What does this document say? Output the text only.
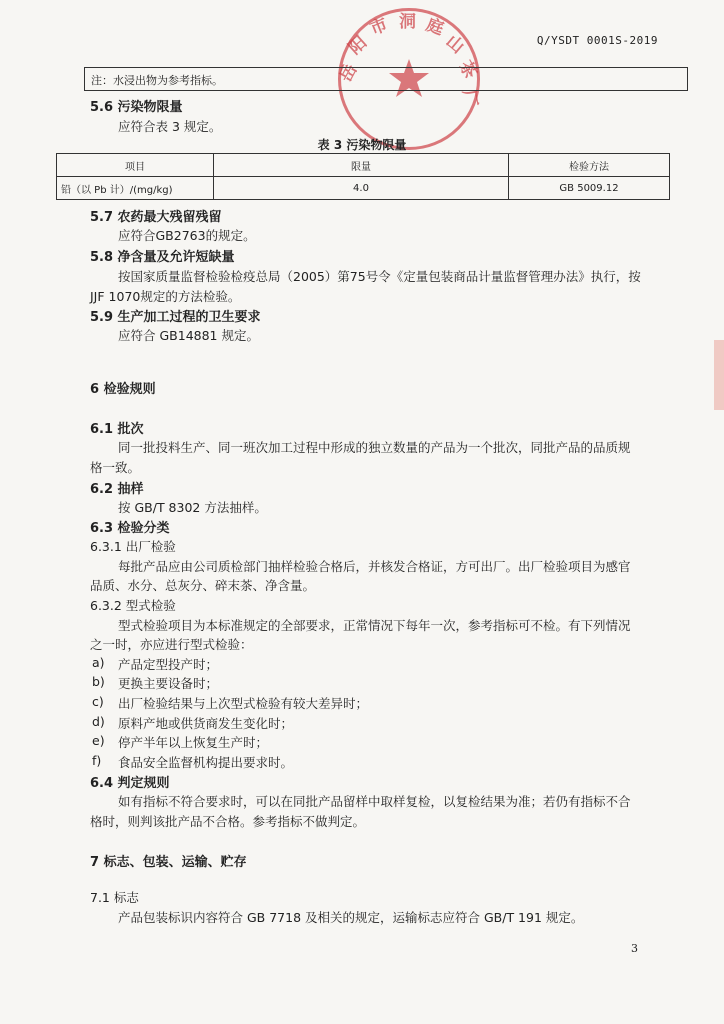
Q/YSDT 0001S-2019
岳
阳
市 洞 庭
山
茶
厂
注：水浸出物为参考指标。
5.6 污染物限量
应符合表 3 规定。
表 3 污染物限量
项目	限量	检验方法
铅（以 Pb 计）/(mg/kg)	4.0	GB 5009.12
5.7 农药最大残留残留
应符合GB2763的规定。
5.8 净含量及允许短缺量
按国家质量监督检验检疫总局（2005）第75号令《定量包装商品计量监督管理办法》执行，按
JJF 1070规定的方法检验。
5.9 生产加工过程的卫生要求
应符合 GB14881 规定。
6 检验规则
6.1 批次
同一批投料生产、同一班次加工过程中形成的独立数量的产品为一个批次，同批产品的品质规
格一致。
6.2 抽样
按 GB/T 8302 方法抽样。
6.3 检验分类
6.3.1 出厂检验
每批产品应由公司质检部门抽样检验合格后，并核发合格证，方可出厂。出厂检验项目为感官
品质、水分、总灰分、碎末茶、净含量。
6.3.2 型式检验
型式检验项目为本标准规定的全部要求，正常情况下每年一次，参考指标可不检。有下列情况
之一时，亦应进行型式检验：
a) 产品定型投产时；
b) 更换主要设备时；
c) 出厂检验结果与上次型式检验有较大差异时；
d) 原料产地或供货商发生变化时；
e) 停产半年以上恢复生产时；
f) 食品安全监督机构提出要求时。
6.4 判定规则
如有指标不符合要求时，可以在同批产品留样中取样复检，以复检结果为准；若仍有指标不合
格时，则判该批产品不合格。参考指标不做判定。
7 标志、包装、运输、贮存
7.1 标志
产品包装标识内容符合 GB 7718 及相关的规定，运输标志应符合 GB/T 191 规定。
3
